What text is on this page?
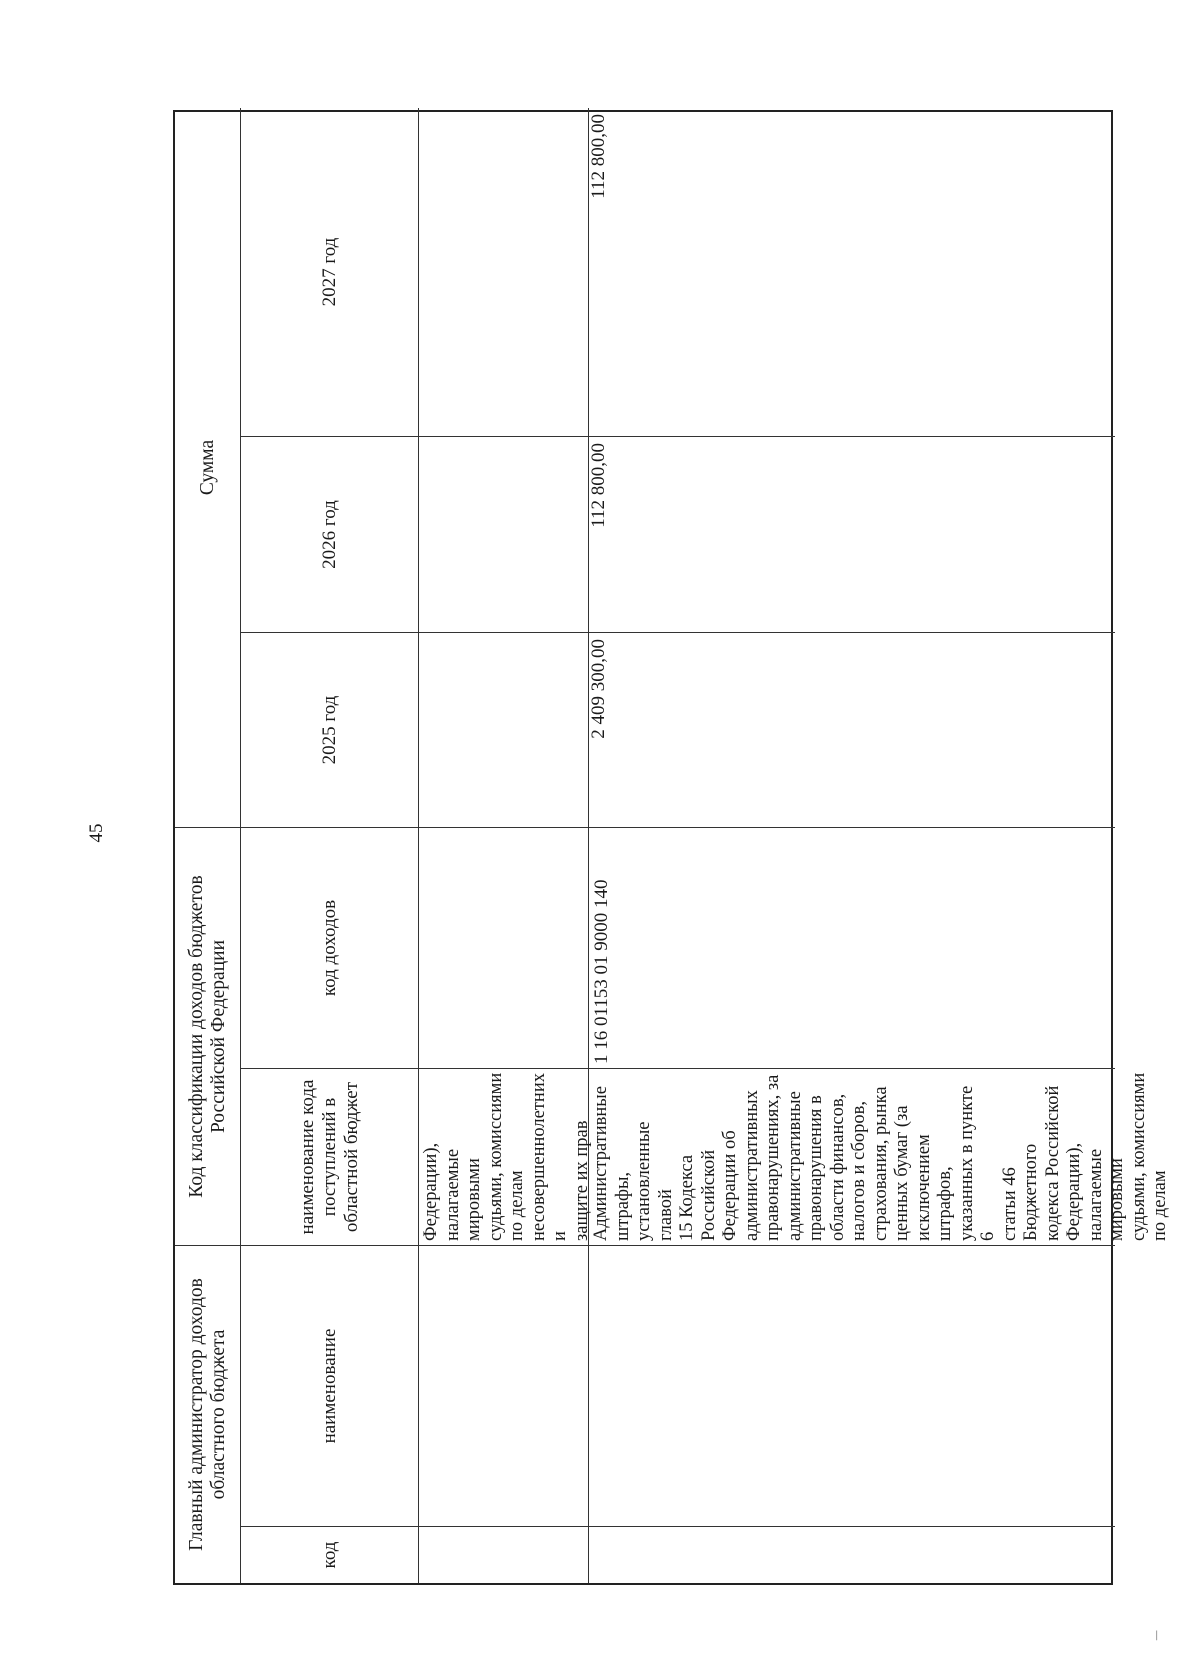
45
Главный администратор доходов областного бюджета
код
наименование
Код классификации доходов бюджетов Российской Федерации
наименование кода поступлений в областной бюджет
код доходов
Сумма
2025 год
2026 год
2027 год
Федерации),
налагаемые мировыми
судьями, комиссиями
по делам
несовершеннолетних и
защите их прав Административные
штрафы,
установленные главой
15 Кодекса Российской
Федерации об
административных
правонарушениях, за
административные
правонарушения в
области финансов,
налогов и сборов,
страхования, рынка
ценных бумаг (за
исключением штрафов,
указанных в пункте 6
статьи 46 Бюджетного
кодекса Российской
Федерации),
налагаемые мировыми
судьями, комиссиями
по делам
1 16 01153 01 9000 140
2 409 300,00
112 800,00
112 800,00
|
